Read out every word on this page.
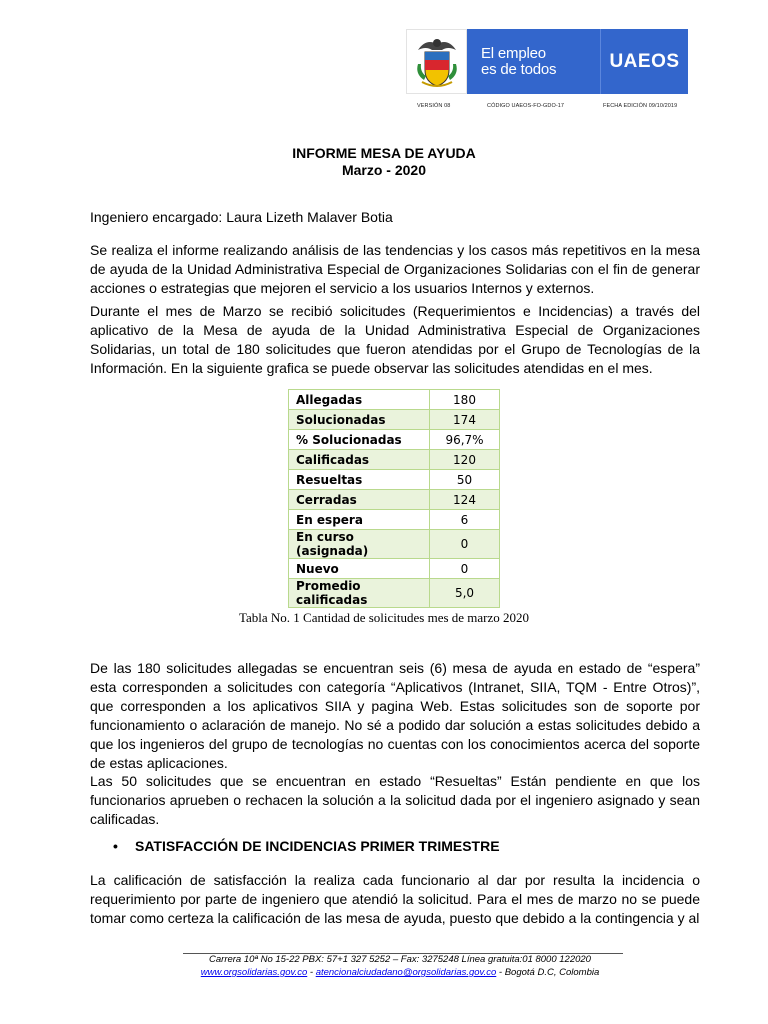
El empleo
es de todos	UAEOS
VERSIÓN 08	CÓDIGO UAEOS-FO-GDO-17	FECHA EDICIÓN 09/10/2019
INFORME MESA DE AYUDA
Marzo - 2020

Ingeniero encargado: Laura Lizeth Malaver Botia

Se realiza el informe realizando análisis de las tendencias y los casos más repetitivos en la mesa de ayuda de la Unidad Administrativa Especial de Organizaciones Solidarias con el fin de generar acciones o estrategias que mejoren el servicio a los usuarios Internos y externos.

Durante el mes de Marzo se recibió solicitudes (Requerimientos e Incidencias) a través del aplicativo de la Mesa de ayuda de la Unidad Administrativa Especial de Organizaciones Solidarias, un total de 180 solicitudes que fueron atendidas por el Grupo de Tecnologías de la Información. En la siguiente grafica se puede observar las solicitudes atendidas en el mes.

Allegadas	180
Solucionadas	174
% Solucionadas	96,7%
Calificadas	120
Resueltas	50
Cerradas	124
En espera	6
En curso (asignada)	0
Nuevo	0
Promedio calificadas	5,0
Tabla No. 1 Cantidad de solicitudes mes de marzo 2020

De las 180 solicitudes allegadas se encuentran seis (6) mesa de ayuda en estado de “espera” esta corresponden a solicitudes con categoría “Aplicativos (Intranet, SIIA, TQM - Entre Otros)”, que corresponden a los aplicativos SIIA y pagina Web. Estas solicitudes son de soporte por funcionamiento o aclaración de manejo. No sé a podido dar solución a estas solicitudes debido a que los ingenieros del grupo de tecnologías no cuentas con los conocimientos acerca del soporte de estas aplicaciones.

Las 50 solicitudes que se encuentran en estado “Resueltas” Están pendiente en que los funcionarios aprueben o rechacen la solución a la solicitud dada por el ingeniero asignado y sean calificadas.

• SATISFACCIÓN DE INCIDENCIAS PRIMER TRIMESTRE

La calificación de satisfacción la realiza cada funcionario al dar por resulta la incidencia o requerimiento por parte de ingeniero que atendió la solicitud. Para el mes de marzo no se puede tomar como certeza la calificación de las mesa de ayuda, puesto que debido a la contingencia y al

Carrera 10ª No 15-22 PBX: 57+1 327 5252 – Fax: 3275248 Línea gratuita:01 8000 122020
www.orgsolidarias.gov.co - atencionalciudadano@orgsolidarias.gov.co - Bogotá D.C, Colombia
